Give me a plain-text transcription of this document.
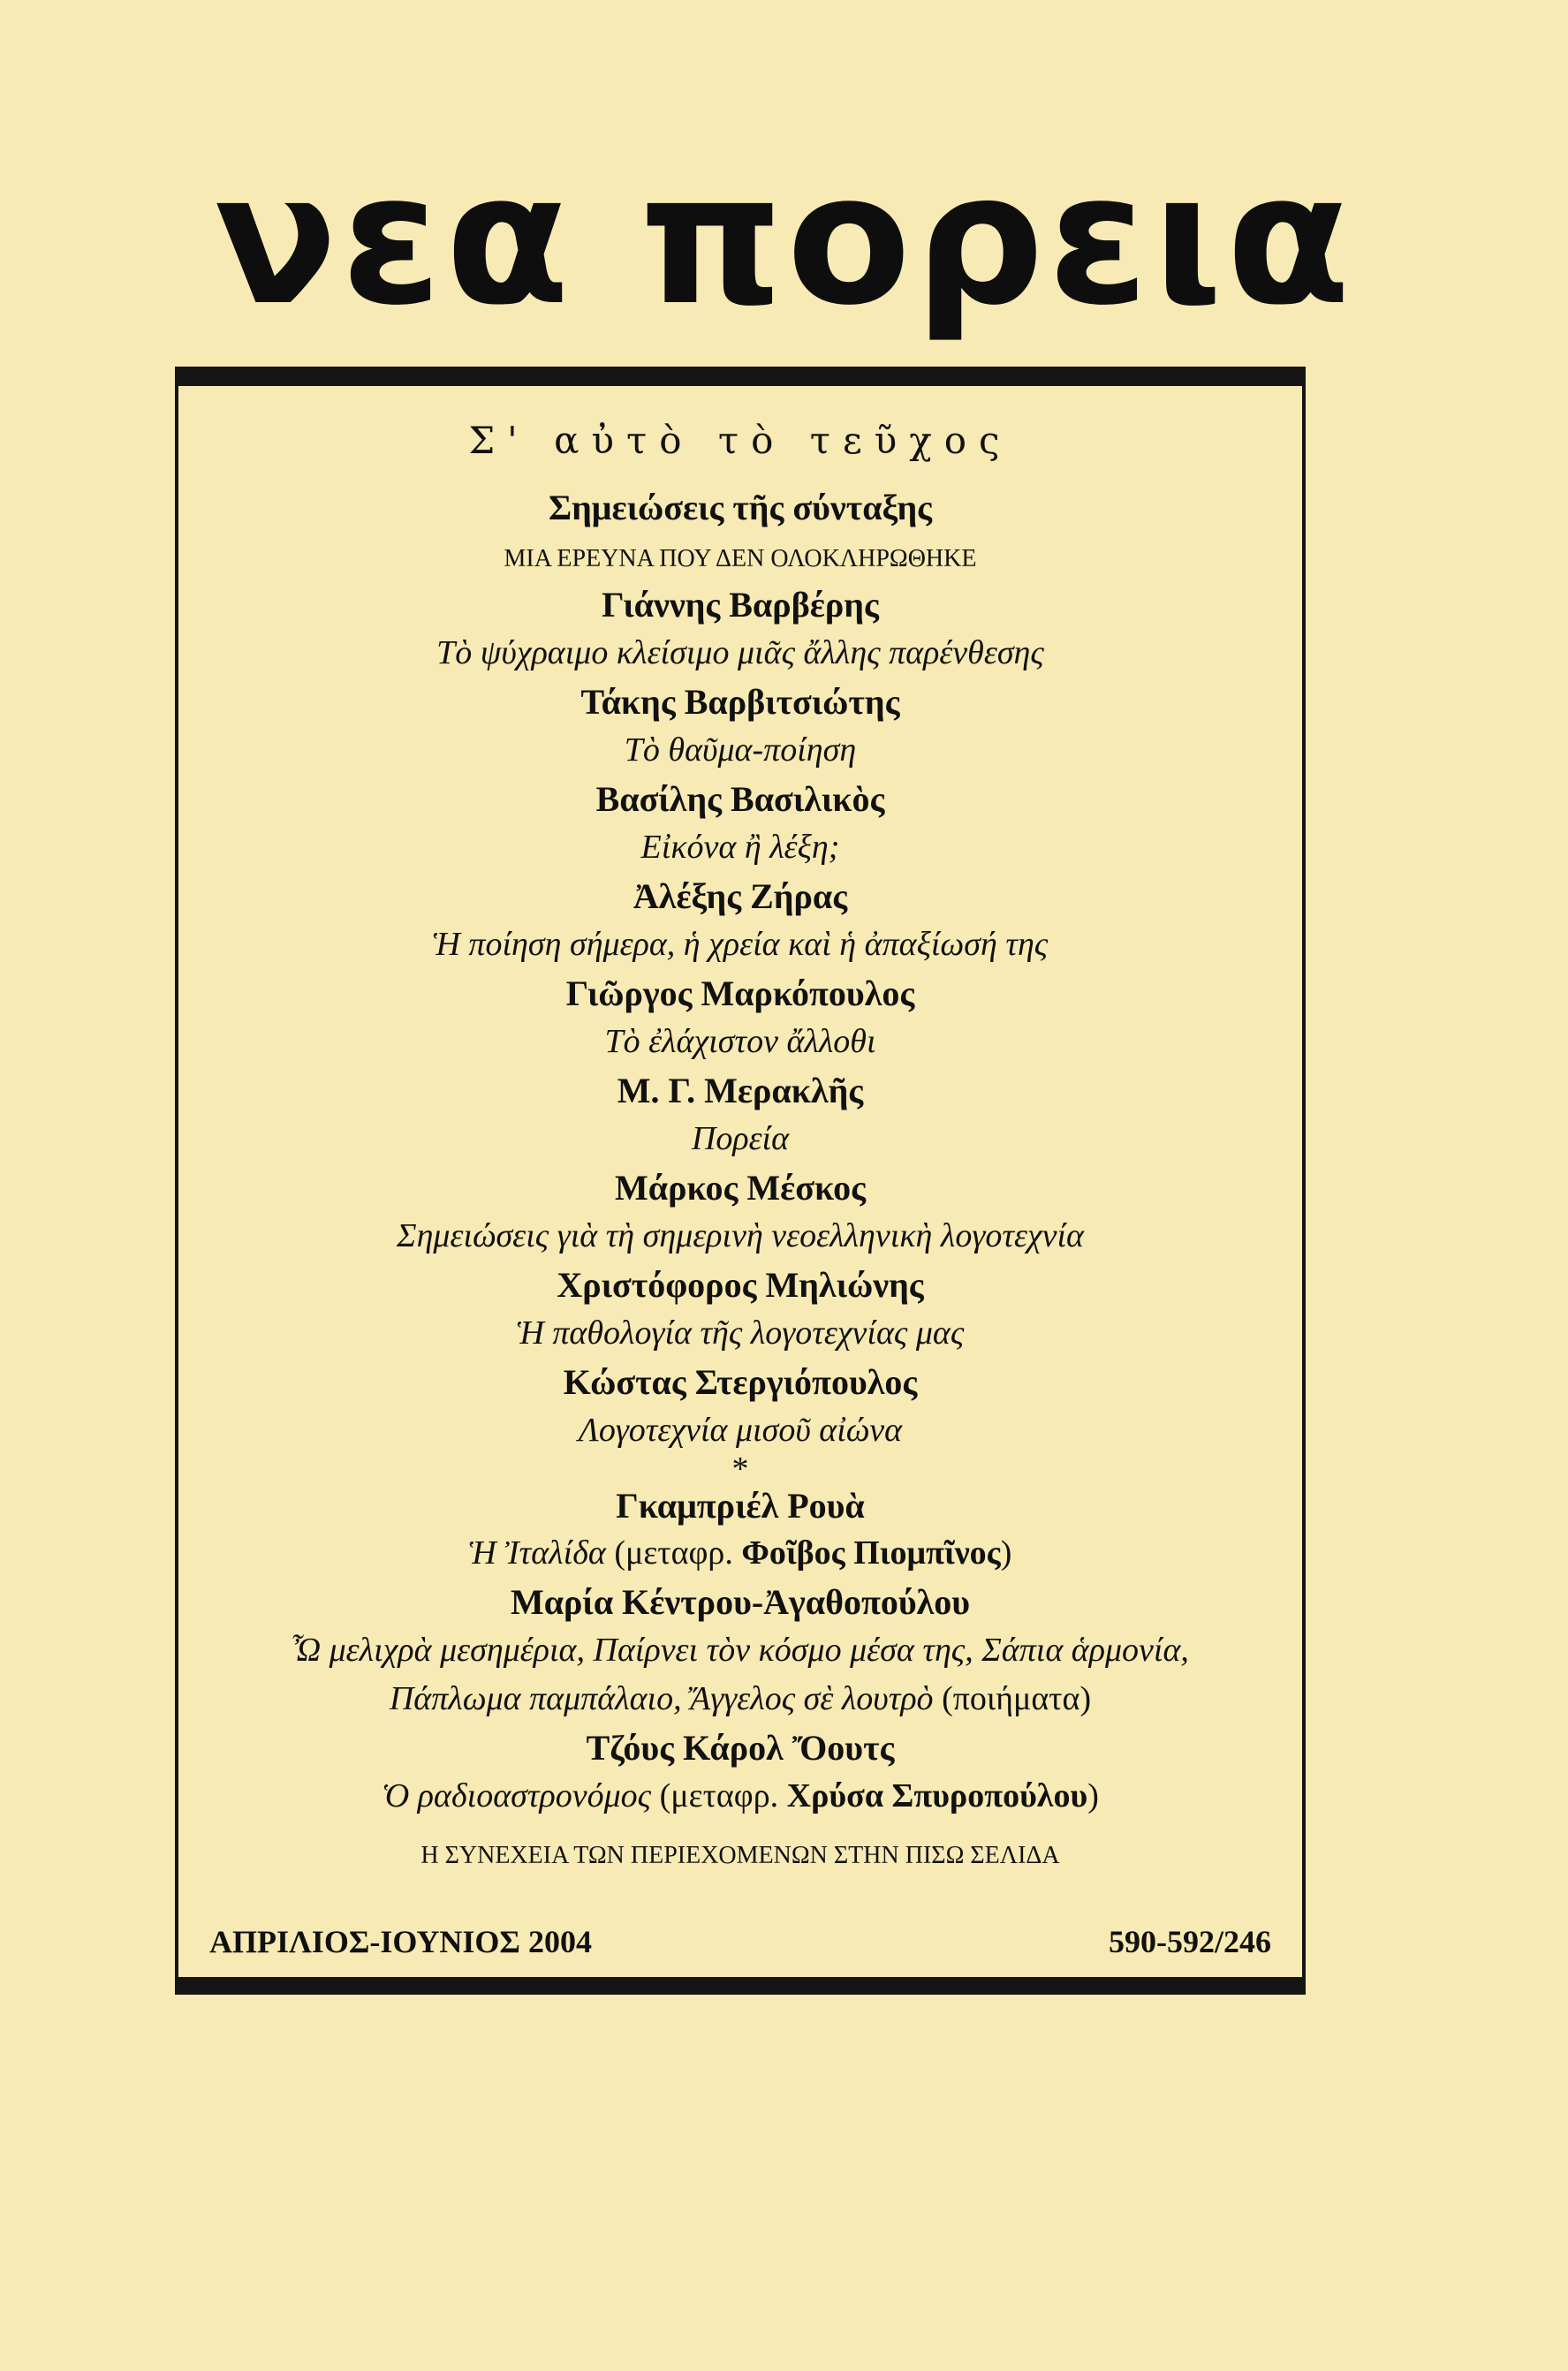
νεα πορεια
Σ' αὐτὸ τὸ τεῦχος
Σημειώσεις τῆς σύνταξης
ΜΙΑ ΕΡΕΥΝΑ ΠΟΥ ΔΕΝ ΟΛΟΚΛΗΡΩΘΗΚΕ
Γιάννης Βαρβέρης
Τὸ ψύχραιμο κλείσιμο μιᾶς ἄλλης παρένθεσης
Τάκης Βαρβιτσιώτης
Τὸ θαῦμα-ποίηση
Βασίλης Βασιλικὸς
Εἰκόνα ἢ λέξη;
Ἀλέξης Ζήρας
Ἡ ποίηση σήμερα, ἡ χρεία καὶ ἡ ἀπαξίωσή της
Γιῶργος Μαρκόπουλος
Τὸ ἐλάχιστον ἄλλοθι
Μ. Γ. Μερακλῆς
Πορεία
Μάρκος Μέσκος
Σημειώσεις γιὰ τὴ σημερινὴ νεοελληνικὴ λογοτεχνία
Χριστόφορος Μηλιώνης
Ἡ παθολογία τῆς λογοτεχνίας μας
Κώστας Στεργιόπουλος
Λογοτεχνία μισοῦ αἰώνα
*
Γκαμπριέλ Ρουὰ
Ἡ Ἰταλίδα (μεταφρ. Φοῖβος Πιομπῖνος)
Μαρία Κέντρου-Ἀγαθοπούλου
Ὦ μελιχρὰ μεσημέρια, Παίρνει τὸν κόσμο μέσα της, Σάπια ἁρμονία,
Πάπλωμα παμπάλαιο, Ἄγγελος σὲ λουτρὸ (ποιήματα)
Τζόυς Κάρολ Ὄουτς
Ὁ ραδιοαστρονόμος (μεταφρ. Χρύσα Σπυροπούλου)
Η ΣΥΝΕΧΕΙΑ ΤΩΝ ΠΕΡΙΕΧΟΜΕΝΩΝ ΣΤΗΝ ΠΙΣΩ ΣΕΛΙΔΑ
ΑΠΡΙΛΙΟΣ-ΙΟΥΝΙΟΣ 2004	590-592/246
